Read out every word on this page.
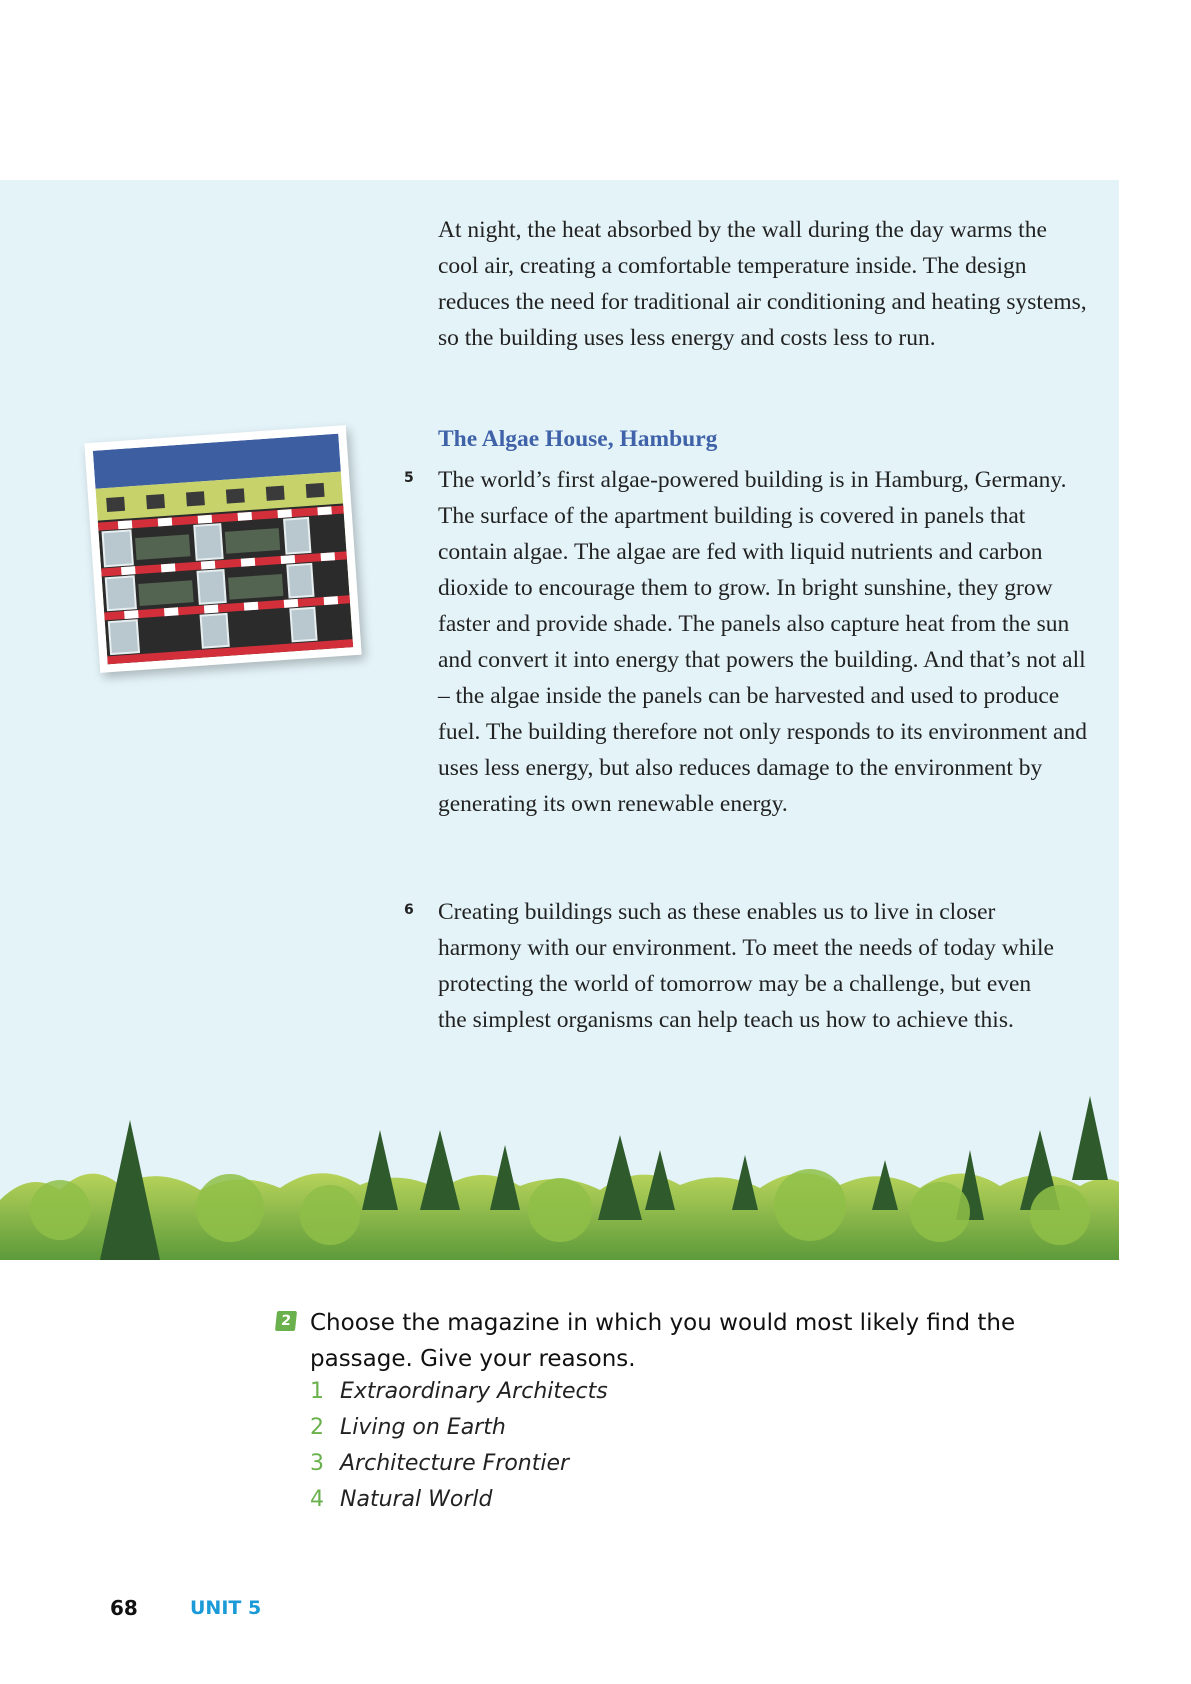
At night, the heat absorbed by the wall during the day warms the cool air, creating a comfortable temperature inside. The design reduces the need for traditional air conditioning and heating systems, so the building uses less energy and costs less to run.

The Algae House, Hamburg
5 The world’s first algae-powered building is in Hamburg, Germany. The surface of the apartment building is covered in panels that contain algae. The algae are fed with liquid nutrients and carbon dioxide to encourage them to grow. In bright sunshine, they grow faster and provide shade. The panels also capture heat from the sun and convert it into energy that powers the building. And that’s not all – the algae inside the panels can be harvested and used to produce fuel. The building therefore not only responds to its environment and uses less energy, but also reduces damage to the environment by generating its own renewable energy.

6 Creating buildings such as these enables us to live in closer harmony with our environment. To meet the needs of today while protecting the world of tomorrow may be a challenge, but even the simplest organisms can help teach us how to achieve this.

2 Choose the magazine in which you would most likely find the passage. Give your reasons.
1 Extraordinary Architects
2 Living on Earth
3 Architecture Frontier
4 Natural World
68	UNIT 5
